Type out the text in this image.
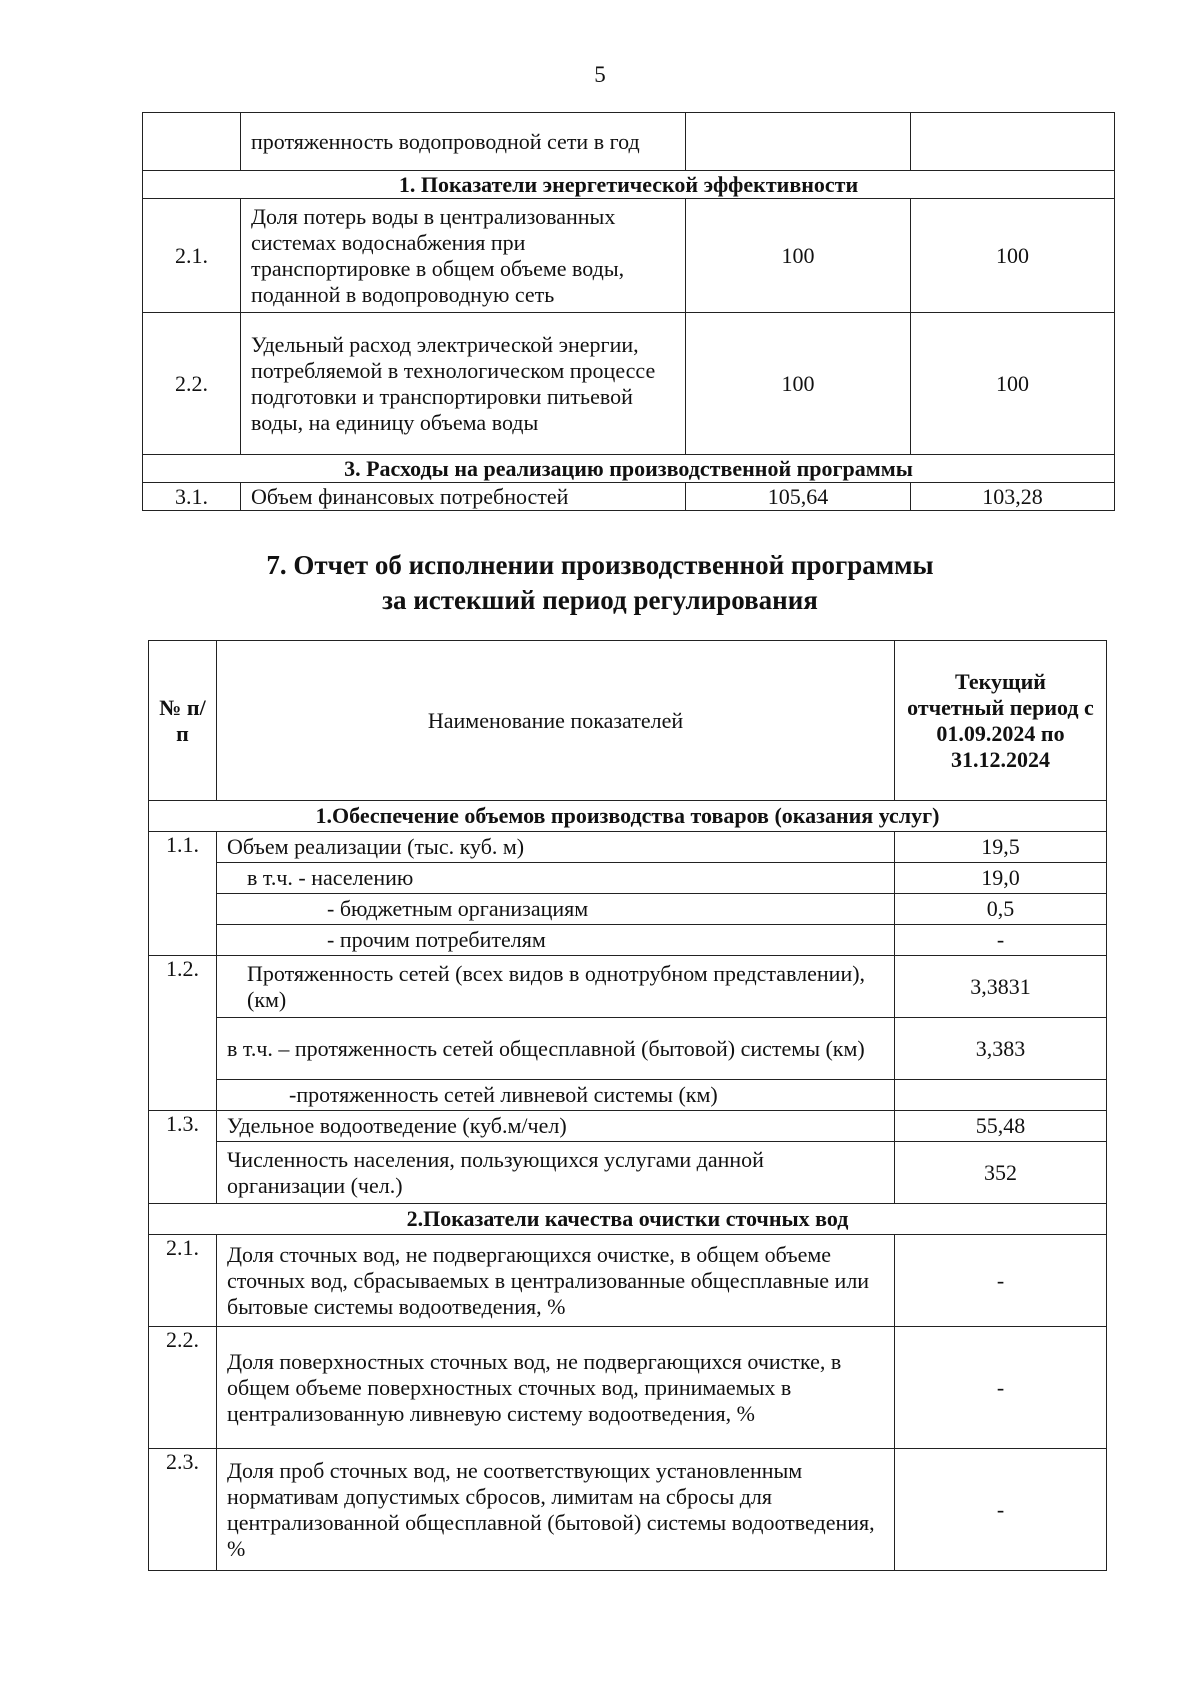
5
	протяженность водопроводной сети в год		
1. Показатели энергетической эффективности			
2.1.	Доля потерь воды в централизованных системах водоснабжения при транспортировке в общем объеме воды, поданной в водопроводную сеть	100	100
2.2.	Удельный расход электрической энергии, потребляемой в технологическом процессе подготовки и транспортировки питьевой воды, на единицу объема воды	100	100
3. Расходы на реализацию производственной программы			
3.1.	Объем финансовых потребностей	105,64	103,28
7. Отчет об исполнении производственной программы
за истекший период регулирования
№ п/п	Наименование показателей	Текущий отчетный период с 01.09.2024 по 31.12.2024
1.Обеспечение объемов производства товаров (оказания услуг)		
1.1.	Объем реализации (тыс. куб. м)	19,5
	в т.ч. - населению	19,0
	- бюджетным организациям	0,5
	- прочим потребителям	-
1.2.	Протяженность сетей (всех видов в однотрубном представлении), (км)	3,3831
	в т.ч. – протяженность сетей общесплавной (бытовой) системы (км)	3,383
	-протяженность сетей ливневой системы (км)	
1.3.	Удельное водоотведение (куб.м/чел)	55,48
	Численность населения, пользующихся услугами данной организации (чел.)	352
2.Показатели качества очистки сточных вод		
2.1.	Доля сточных вод, не подвергающихся очистке, в общем объеме сточных вод, сбрасываемых в централизованные общесплавные или бытовые системы водоотведения, %	-
2.2.	Доля поверхностных сточных вод, не подвергающихся очистке, в общем объеме поверхностных сточных вод, принимаемых в централизованную ливневую систему водоотведения, %	-
2.3.	Доля проб сточных вод, не соответствующих установленным нормативам допустимых сбросов, лимитам на сбросы для централизованной общесплавной (бытовой) системы водоотведения, %	-
